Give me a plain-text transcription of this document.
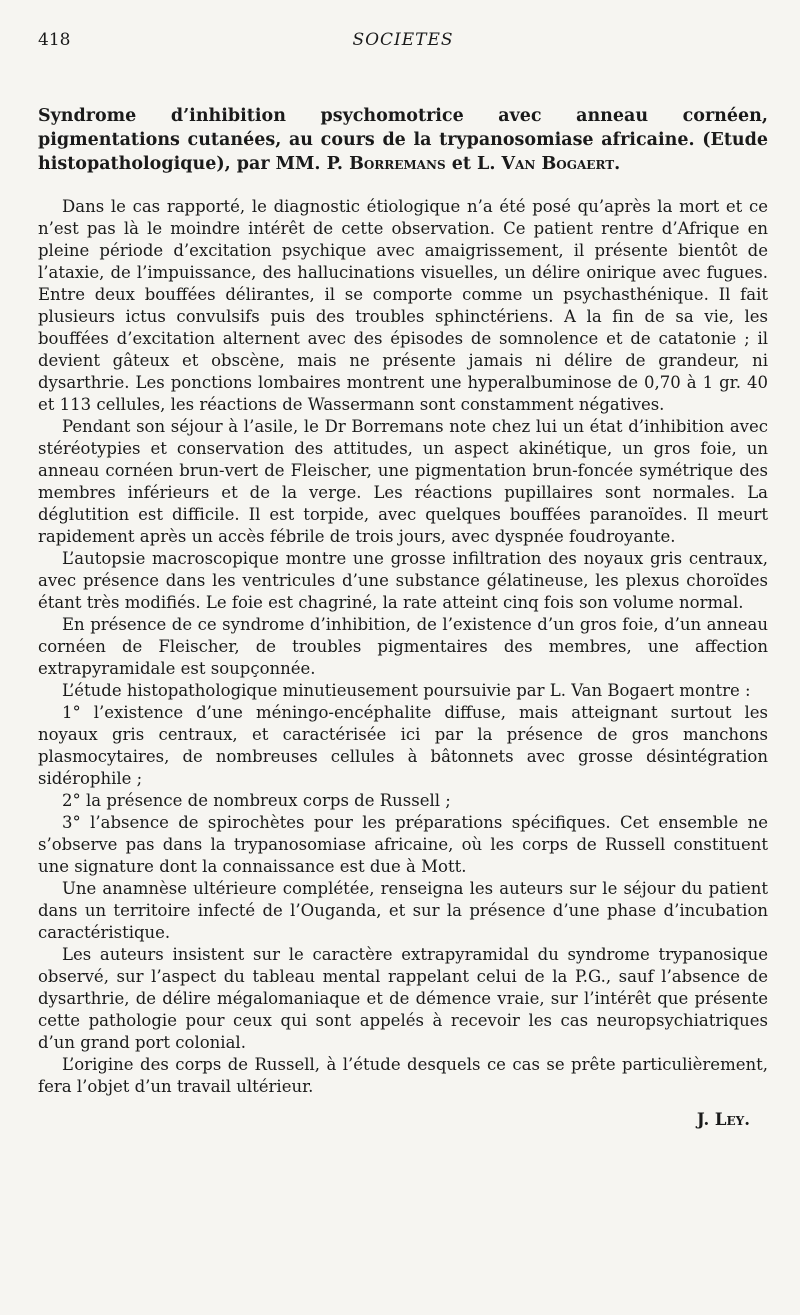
418	SOCIETES
Syndrome d’inhibition psychomotrice avec anneau cornéen, pigmentations cutanées, au cours de la trypanosomiase africaine. (Etude histopathologique), par MM. P. Borremans et L. Van Bogaert.

Dans le cas rapporté, le diagnostic étiologique n’a été posé qu’après la mort et ce n’est pas là le moindre intérêt de cette observation. Ce patient rentre d’Afrique en pleine période d’excitation psychique avec amaigrissement, il présente bientôt de l’ataxie, de l’impuissance, des hallucinations visuelles, un délire onirique avec fugues. Entre deux bouffées délirantes, il se comporte comme un psychasthénique. Il fait plusieurs ictus convulsifs puis des troubles sphinctériens. A la fin de sa vie, les bouffées d’excitation alternent avec des épisodes de somnolence et de catatonie ; il devient gâteux et obscène, mais ne présente jamais ni délire de grandeur, ni dysarthrie. Les ponctions lombaires montrent une hyperalbuminose de 0,70 à 1 gr. 40 et 113 cellules, les réactions de Wassermann sont constamment négatives.

Pendant son séjour à l’asile, le Dr Borremans note chez lui un état d’inhibition avec stéréotypies et conservation des attitudes, un aspect akinétique, un gros foie, un anneau cornéen brun-vert de Fleischer, une pigmentation brun-foncée symétrique des membres inférieurs et de la verge. Les réactions pupillaires sont normales. La déglutition est difficile. Il est torpide, avec quelques bouffées paranoïdes. Il meurt rapidement après un accès fébrile de trois jours, avec dyspnée foudroyante.

L’autopsie macroscopique montre une grosse infiltration des noyaux gris centraux, avec présence dans les ventricules d’une substance gélatineuse, les plexus choroïdes étant très modifiés. Le foie est chagriné, la rate atteint cinq fois son volume normal.

En présence de ce syndrome d’inhibition, de l’existence d’un gros foie, d’un anneau cornéen de Fleischer, de troubles pigmentaires des membres, une affection extrapyramidale est soupçonnée.

L’étude histopathologique minutieusement poursuivie par L. Van Bogaert montre :

1° l’existence d’une méningo-encéphalite diffuse, mais atteignant surtout les noyaux gris centraux, et caractérisée ici par la présence de gros manchons plasmocytaires, de nombreuses cellules à bâtonnets avec grosse désintégration sidérophile ;

2° la présence de nombreux corps de Russell ;

3° l’absence de spirochètes pour les préparations spécifiques. Cet ensemble ne s’observe pas dans la trypanosomiase africaine, où les corps de Russell constituent une signature dont la connaissance est due à Mott.

Une anamnèse ultérieure complétée, renseigna les auteurs sur le séjour du patient dans un territoire infecté de l’Ouganda, et sur la présence d’une phase d’incubation caractéristique.

Les auteurs insistent sur le caractère extrapyramidal du syndrome trypanosique observé, sur l’aspect du tableau mental rappelant celui de la P.G., sauf l’absence de dysarthrie, de délire mégalomaniaque et de démence vraie, sur l’intérêt que présente cette pathologie pour ceux qui sont appelés à recevoir les cas neuropsychiatriques d’un grand port colonial.

L’origine des corps de Russell, à l’étude desquels ce cas se prête particulièrement, fera l’objet d’un travail ultérieur.

J. Ley.
